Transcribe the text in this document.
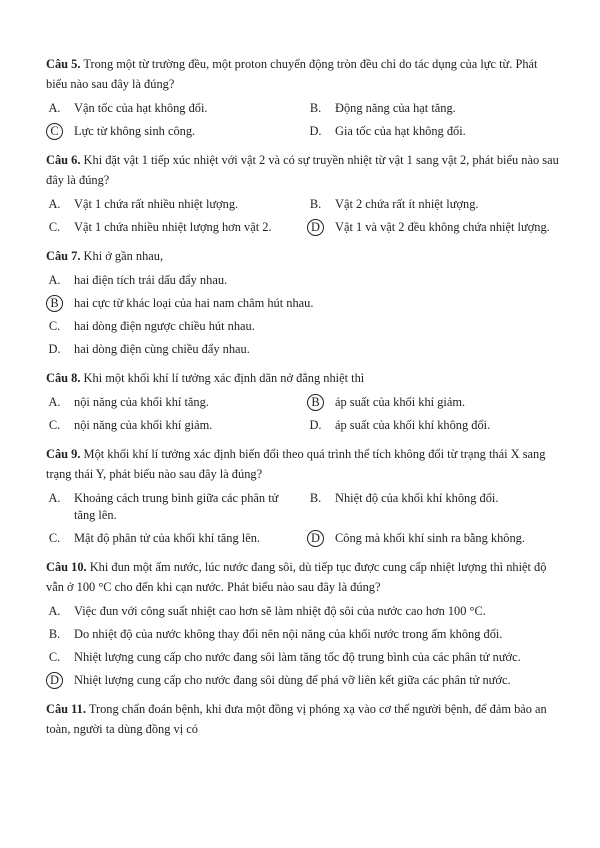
Câu 5. Trong một từ trường đều, một proton chuyển động tròn đều chỉ do tác dụng của lực từ. Phát biểu nào sau đây là đúng?
A. Vận tốc của hạt không đổi.	B. Động năng của hạt tăng.
C	Lực từ không sinh công.	D. Gia tốc của hạt không đổi.
Câu 6. Khi đặt vật 1 tiếp xúc nhiệt với vật 2 và có sự truyền nhiệt từ vật 1 sang vật 2, phát biểu nào sau đây là đúng?
A. Vật 1 chứa rất nhiều nhiệt lượng.	B. Vật 2 chứa rất ít nhiệt lượng.
C. Vật 1 chứa nhiều nhiệt lượng hơn vật 2.	D	Vật 1 và vật 2 đều không chứa nhiệt lượng.
Câu 7. Khi ở gần nhau,
A. hai điện tích trái dấu đẩy nhau.
B	hai cực từ khác loại của hai nam châm hút nhau.
C. hai dòng điện ngược chiều hút nhau.
D. hai dòng điện cùng chiều đẩy nhau.
Câu 8. Khi một khối khí lí tưởng xác định dãn nở đẳng nhiệt thì
A. nội năng của khối khí tăng.	B	áp suất của khối khí giảm.
C. nội năng của khối khí giảm.	D. áp suất của khối khí không đổi.
Câu 9. Một khối khí lí tưởng xác định biến đổi theo quá trình thể tích không đổi từ trạng thái X sang trạng thái Y, phát biểu nào sau đây là đúng?
A. Khoảng cách trung bình giữa các phân tử tăng lên.
B. Nhiệt độ của khối khí không đổi.
C. Mật độ phân tử của khối khí tăng lên.	D	Công mà khối khí sinh ra bằng không.
Câu 10. Khi đun một ấm nước, lúc nước đang sôi, dù tiếp tục được cung cấp nhiệt lượng thì nhiệt độ vẫn ở 100 °C cho đến khi cạn nước. Phát biểu nào sau đây là đúng?
A. Việc đun với công suất nhiệt cao hơn sẽ làm nhiệt độ sôi của nước cao hơn 100 °C.
B. Do nhiệt độ của nước không thay đổi nên nội năng của khối nước trong ấm không đổi.
C. Nhiệt lượng cung cấp cho nước đang sôi làm tăng tốc độ trung bình của các phân tử nước.
D	Nhiệt lượng cung cấp cho nước đang sôi dùng để phá vỡ liên kết giữa các phân tử nước.
Câu 11. Trong chẩn đoán bệnh, khi đưa một đồng vị phóng xạ vào cơ thể người bệnh, để đảm bảo an toàn, người ta dùng đồng vị có
